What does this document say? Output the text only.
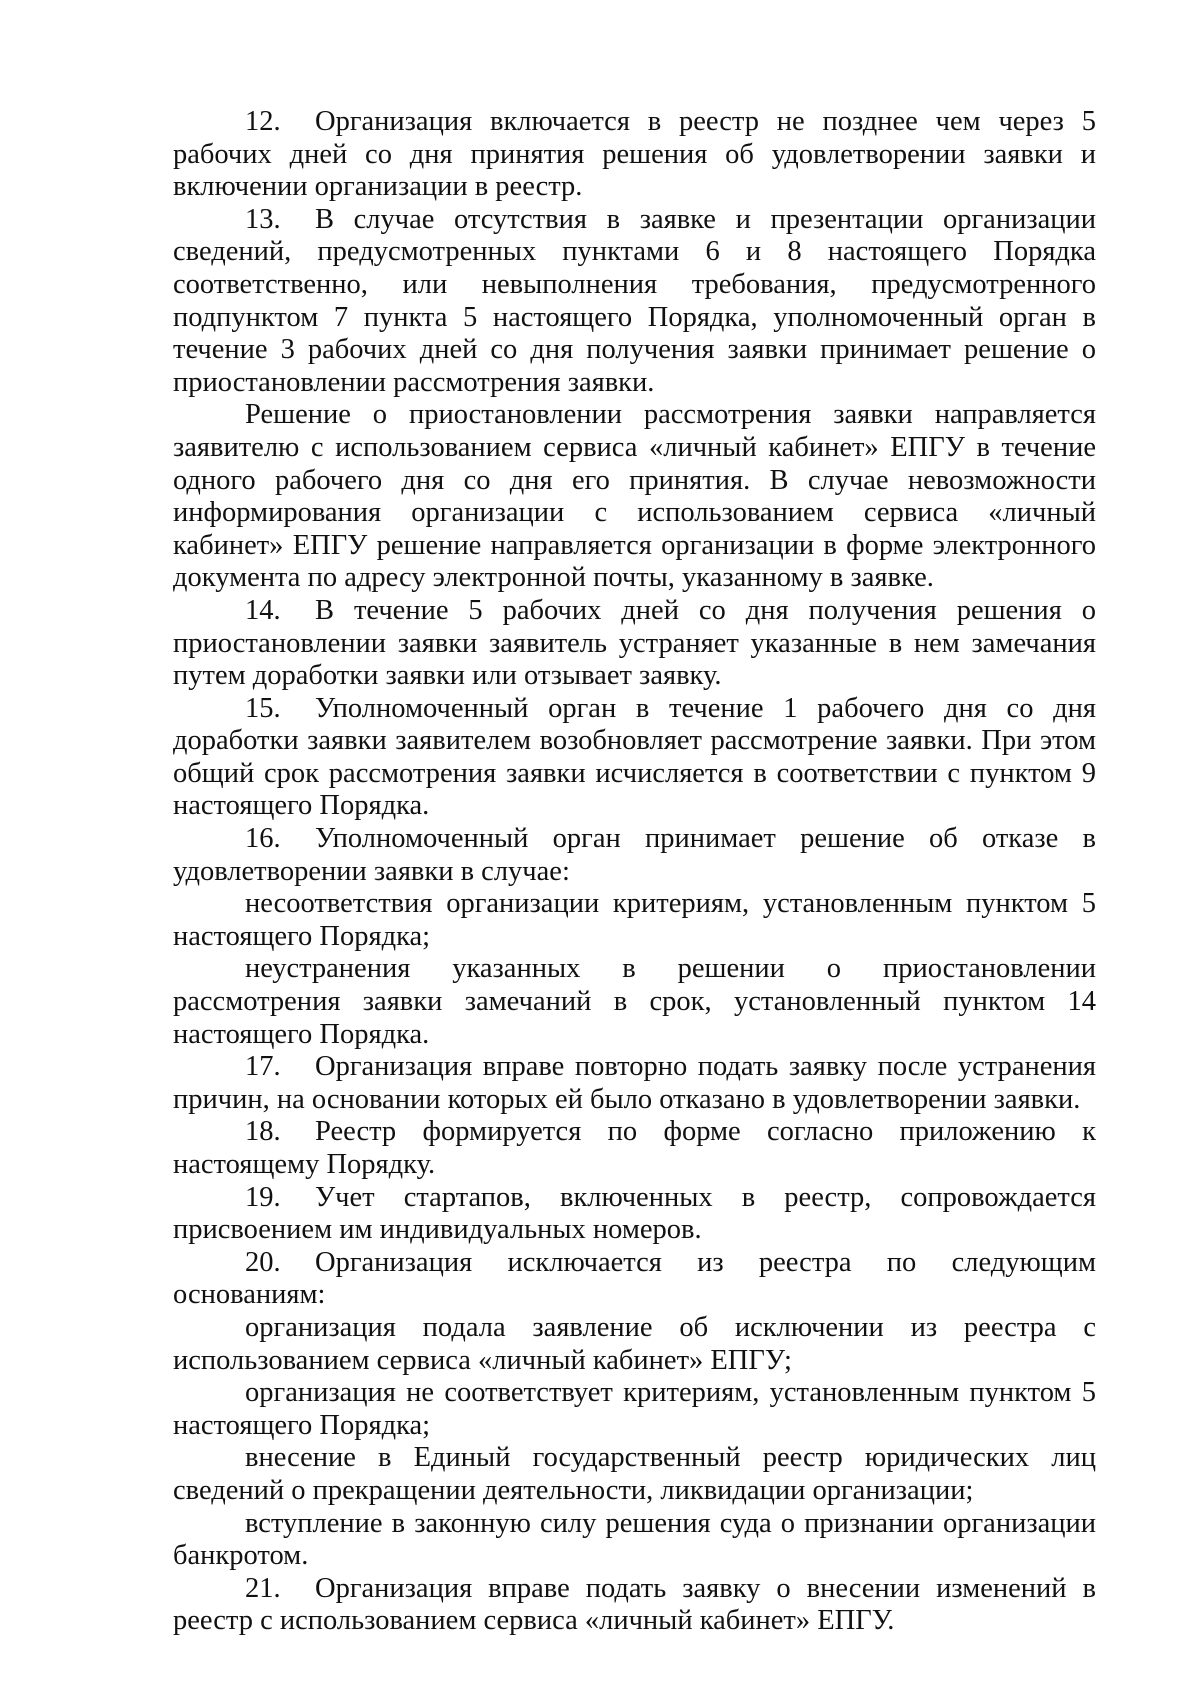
12. Организация включается в реестр не позднее чем через 5 рабочих дней со дня принятия решения об удовлетворении заявки и включении организации в реестр.

13. В случае отсутствия в заявке и презентации организации сведений, предусмотренных пунктами 6 и 8 настоящего Порядка соответственно, или невыполнения требования, предусмотренного подпунктом 7 пункта 5 настоящего Порядка, уполномоченный орган в течение 3 рабочих дней со дня получения заявки принимает решение о приостановлении рассмотрения заявки.

Решение о приостановлении рассмотрения заявки направляется заявителю с использованием сервиса «личный кабинет» ЕПГУ в течение одного рабочего дня со дня его принятия. В случае невозможности информирования организации с использованием сервиса «личный кабинет» ЕПГУ решение направляется организации в форме электронного документа по адресу электронной почты, указанному в заявке.

14. В течение 5 рабочих дней со дня получения решения о приостановлении заявки заявитель устраняет указанные в нем замечания путем доработки заявки или отзывает заявку.

15. Уполномоченный орган в течение 1 рабочего дня со дня доработки заявки заявителем возобновляет рассмотрение заявки. При этом общий срок рассмотрения заявки исчисляется в соответствии с пунктом 9 настоящего Порядка.

16. Уполномоченный орган принимает решение об отказе в удовлетворении заявки в случае:

несоответствия организации критериям, установленным пунктом 5 настоящего Порядка;

неустранения указанных в решении о приостановлении рассмотрения заявки замечаний в срок, установленный пунктом 14 настоящего Порядка.

17. Организация вправе повторно подать заявку после устранения причин, на основании которых ей было отказано в удовлетворении заявки.

18. Реестр формируется по форме согласно приложению к настоящему Порядку.

19. Учет стартапов, включенных в реестр, сопровождается присвоением им индивидуальных номеров.

20. Организация исключается из реестра по следующим основаниям:

организация подала заявление об исключении из реестра с использованием сервиса «личный кабинет» ЕПГУ;

организация не соответствует критериям, установленным пунктом 5 настоящего Порядка;

внесение в Единый государственный реестр юридических лиц сведений о прекращении деятельности, ликвидации организации;

вступление в законную силу решения суда о признании организации банкротом.

21. Организация вправе подать заявку о внесении изменений в реестр с использованием сервиса «личный кабинет» ЕПГУ.
